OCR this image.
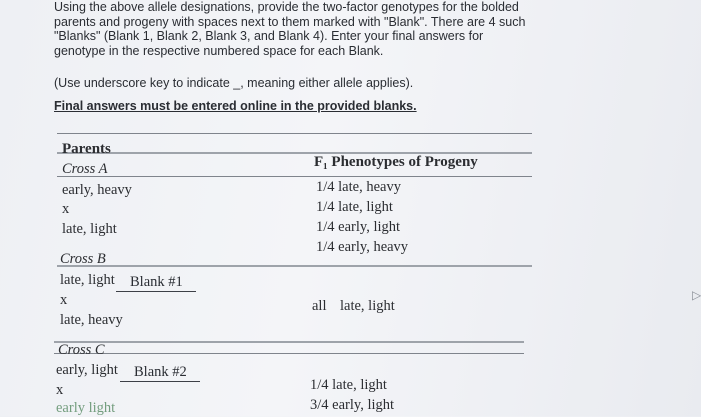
Using the above allele designations, provide the two-factor genotypes for the bolded
parents and progeny with spaces next to them marked with "Blank". There are 4 such
"Blanks" (Blank 1, Blank 2, Blank 3, and Blank 4). Enter your final answers for
genotype in the respective numbered space for each Blank.
(Use underscore key to indicate _, meaning either allele applies).
Final answers must be entered online in the provided blanks.
Parents
F₁ Phenotypes of Progeny
Cross A
early, heavy
x
late, light
1/4 late, heavy
1/4 late, light
1/4 early, light
1/4 early, heavy
Cross B
late, light	Blank #1
x
late, heavy
all late, light
Cross C
early, light	Blank #2
x
early light
1/4 late, light
3/4 early, light
▷
